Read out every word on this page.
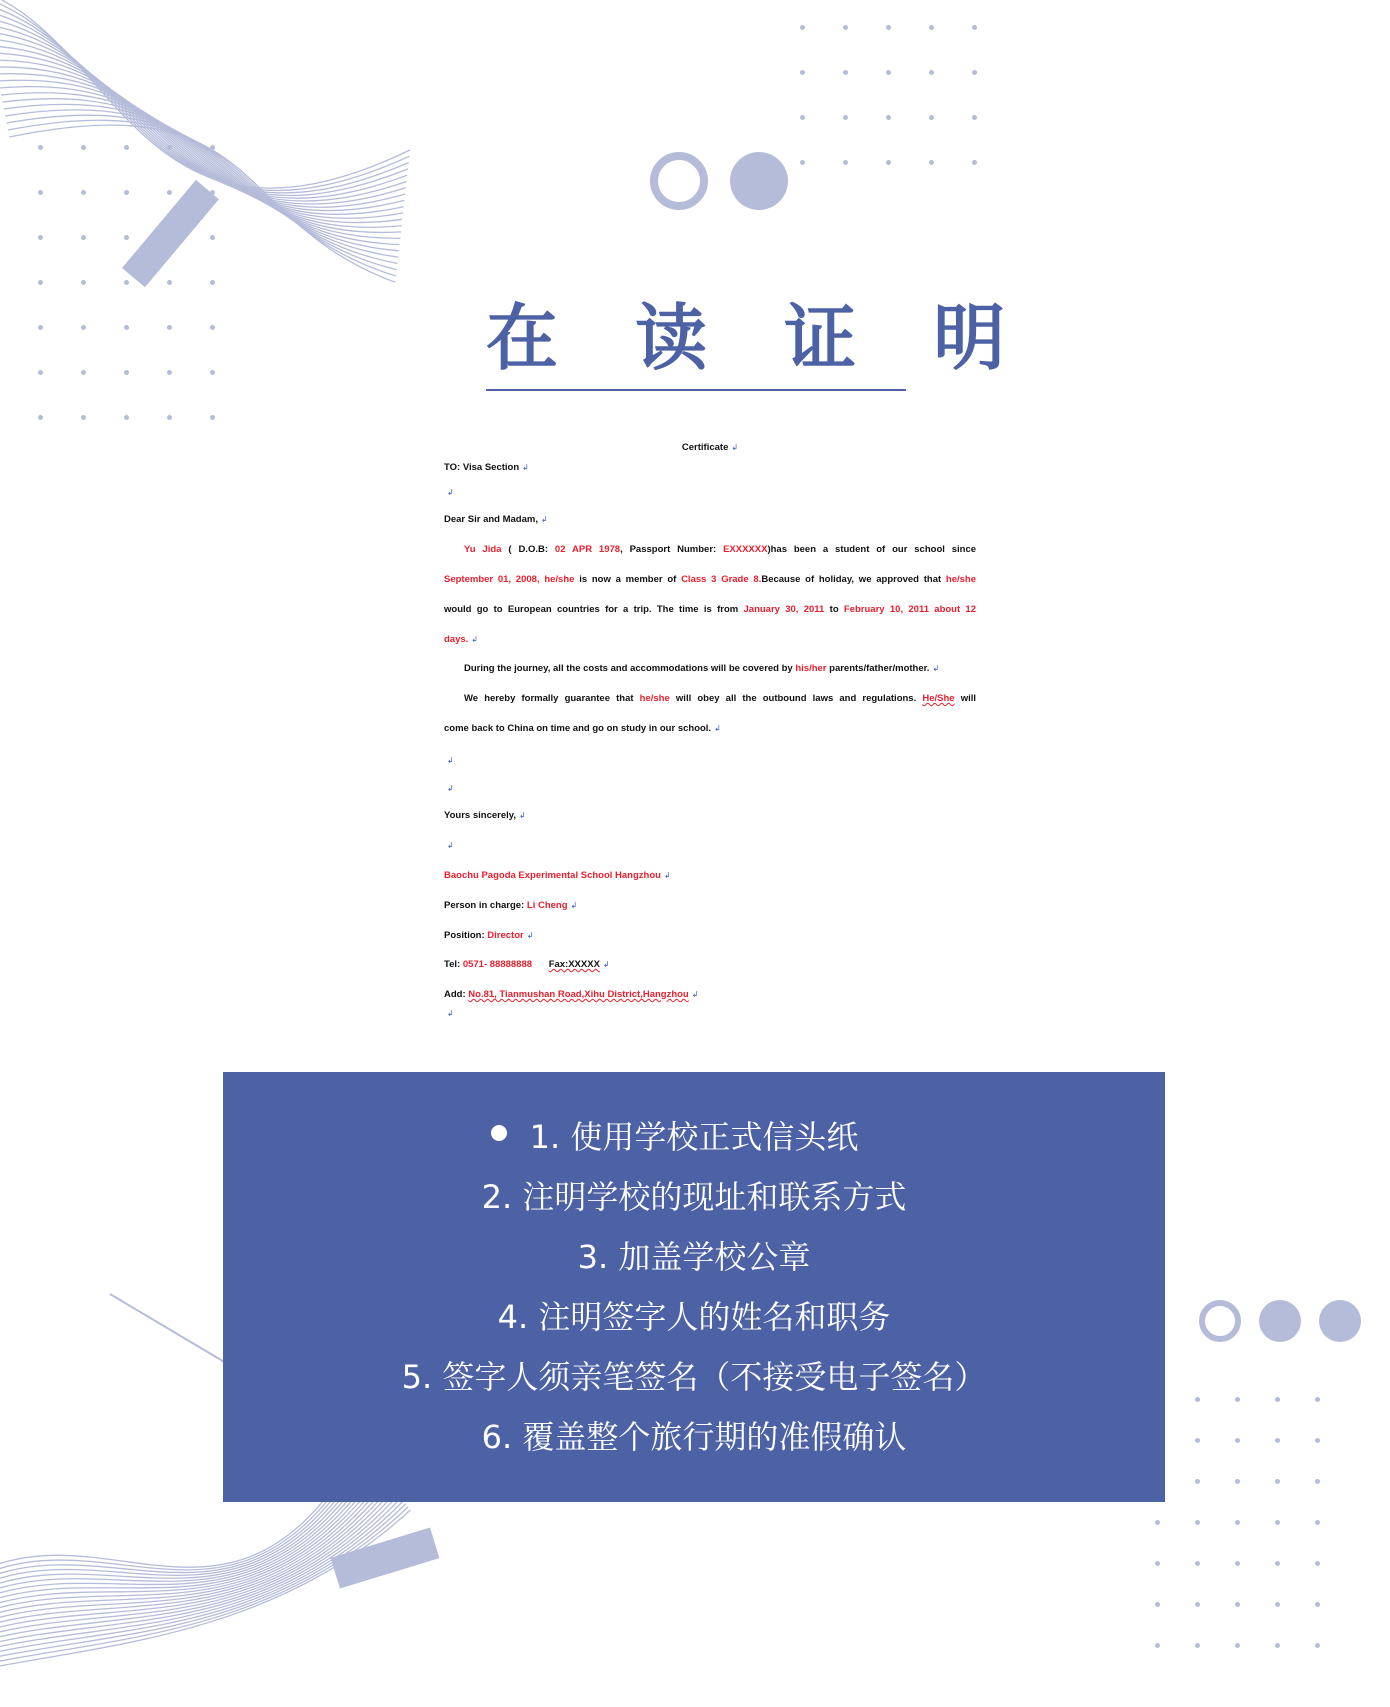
在 读 证 明
Certificate ↲
TO: Visa Section ↲
↲
Dear Sir and Madam, ↲
Yu Jida ( D.O.B: 02 APR 1978, Passport Number: EXXXXXX)has been a student of our school since
September 01, 2008, he/she is now a member of Class 3 Grade 8.Because of holiday, we approved that he/she
would go to European countries for a trip. The time is from January 30, 2011 to February 10, 2011 about 12
days. ↲
During the journey, all the costs and accommodations will be covered by his/her parents/father/mother. ↲
We hereby formally guarantee that he/she will obey all the outbound laws and regulations. He/She will
come back to China on time and go on study in our school. ↲
↲
↲
Yours sincerely, ↲
↲
Baochu Pagoda Experimental School Hangzhou ↲
Person in charge: Li Cheng ↲
Position: Director ↲
Tel: 0571- 88888888 Fax:XXXXX ↲
Add: No.81, Tianmushan Road,Xihu District,Hangzhou ↲
↲
1. 使用学校正式信头纸
2. 注明学校的现址和联系方式
3. 加盖学校公章
4. 注明签字人的姓名和职务
5. 签字人须亲笔签名（不接受电子签名）
6. 覆盖整个旅行期的准假确认
